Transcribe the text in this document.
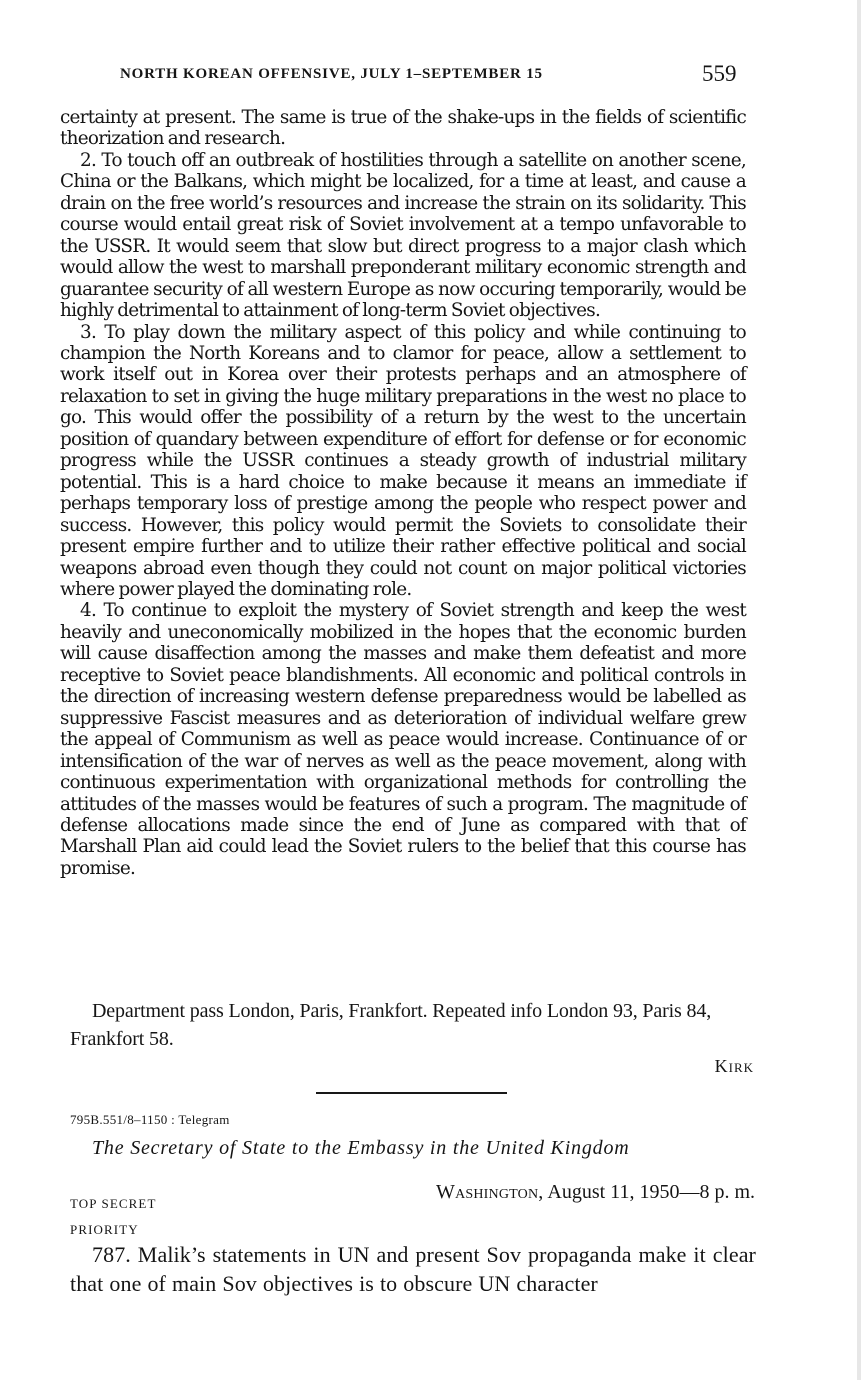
NORTH KOREAN OFFENSIVE, JULY 1–SEPTEMBER 15	559

certainty at present. The same is true of the shake-ups in the fields of scientific theorization and research.

2. To touch off an outbreak of hostilities through a satellite on another scene, China or the Balkans, which might be localized, for a time at least, and cause a drain on the free world’s resources and increase the strain on its solidarity. This course would entail great risk of Soviet involvement at a tempo unfavorable to the USSR. It would seem that slow but direct progress to a major clash which would allow the west to marshall preponderant military economic strength and guarantee security of all western Europe as now occuring temporarily, would be highly detrimental to attainment of long-term Soviet objectives.

3. To play down the military aspect of this policy and while continuing to champion the North Koreans and to clamor for peace, allow a settlement to work itself out in Korea over their protests perhaps and an atmosphere of relaxation to set in giving the huge military preparations in the west no place to go. This would offer the possibility of a return by the west to the uncertain position of quandary between expenditure of effort for defense or for economic progress while the USSR continues a steady growth of industrial military potential. This is a hard choice to make because it means an immediate if perhaps temporary loss of prestige among the people who respect power and success. However, this policy would permit the Soviets to consolidate their present empire further and to utilize their rather effective political and social weapons abroad even though they could not count on major political victories where power played the dominating role.

4. To continue to exploit the mystery of Soviet strength and keep the west heavily and uneconomically mobilized in the hopes that the economic burden will cause disaffection among the masses and make them defeatist and more receptive to Soviet peace blandishments. All economic and political controls in the direction of increasing western defense preparedness would be labelled as suppressive Fascist measures and as deterioration of individual welfare grew the appeal of Communism as well as peace would increase. Continuance of or intensification of the war of nerves as well as the peace movement, along with continuous experimentation with organizational methods for controlling the attitudes of the masses would be features of such a program. The magnitude of defense allocations made since the end of June as compared with that of Marshall Plan aid could lead the Soviet rulers to the belief that this course has promise.

Department pass London, Paris, Frankfort. Repeated info London 93, Paris 84, Frankfort 58.
Kirk
795B.551/8–1150 : Telegram
The Secretary of State to the Embassy in the United Kingdom
TOP SECRET
PRIORITY
Washington, August 11, 1950—8 p. m.
787. Malik’s statements in UN and present Sov propaganda make it clear that one of main Sov objectives is to obscure UN character
